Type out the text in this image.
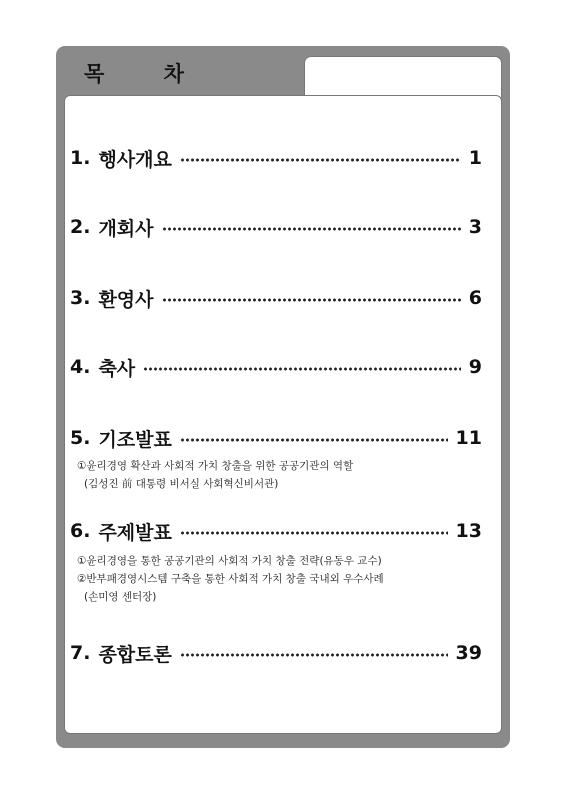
목 차
1. 행사개요	1
2. 개회사	3
3. 환영사	6
4. 축사	9
5. 기조발표	11
①윤리경영 확산과 사회적 가치 창출을 위한 공공기관의 역할
(김성진 前 대통령 비서실 사회혁신비서관)
6. 주제발표	13
①윤리경영을 통한 공공기관의 사회적 가치 창출 전략(유동우 교수)
②반부패경영시스템 구축을 통한 사회적 가치 창출 국내외 우수사례
(손미영 센터장)
7. 종합토론	39
